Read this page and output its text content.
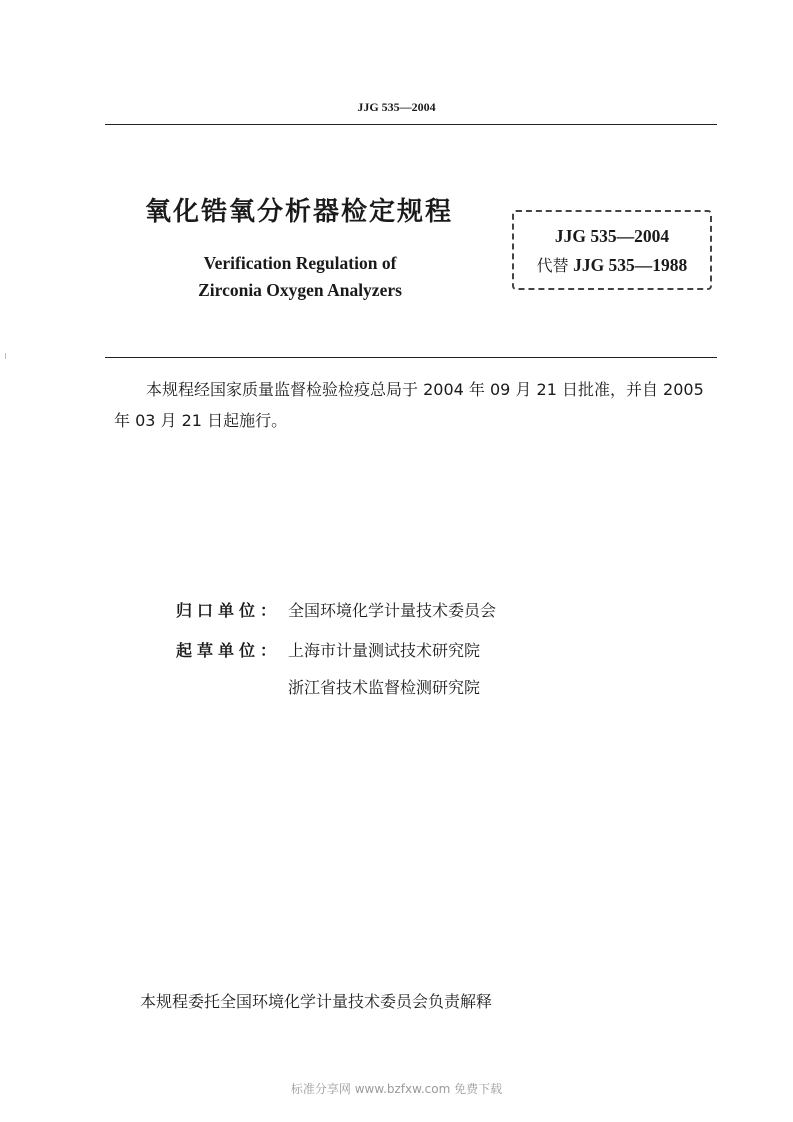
JJG 535—2004
氧化锆氧分析器检定规程
Verification Regulation of
Zirconia Oxygen Analyzers
JJG 535—2004
代替 JJG 535—1988
本规程经国家质量监督检验检疫总局于 2004 年 09 月 21 日批准，并自 2005 年 03 月 21 日起施行。
归口单位： 全国环境化学计量技术委员会
起草单位： 上海市计量测试技术研究院
浙江省技术监督检测研究院
本规程委托全国环境化学计量技术委员会负责解释
标准分享网 www.bzfxw.com 免费下载
